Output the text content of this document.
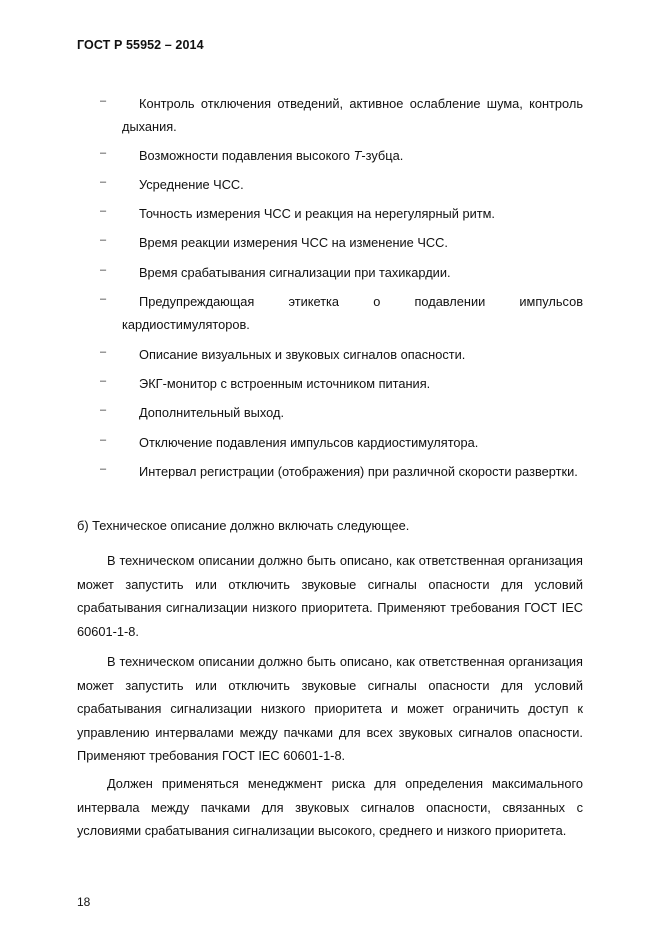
ГОСТ Р 55952 – 2014
–	Контроль отключения отведений, активное ослабление шума, контроль дыхания.
–	Возможности подавления высокого T-зубца.
–	Усреднение ЧСС.
–	Точность измерения ЧСС и реакция на нерегулярный ритм.
–	Время реакции измерения ЧСС на изменение ЧСС.
–	Время срабатывания сигнализации при тахикардии.
–	Предупреждающая этикетка о подавлении импульсов кардиостимуляторов.
–	Описание визуальных и звуковых сигналов опасности.
–	ЭКГ-монитор с встроенным источником питания.
–	Дополнительный выход.
–	Отключение подавления импульсов кардиостимулятора.
–	Интервал регистрации (отображения) при различной скорости развертки.
б) Техническое описание должно включать следующее.
В техническом описании должно быть описано, как ответственная организация может запустить или отключить звуковые сигналы опасности для условий срабатывания сигнализации низкого приоритета. Применяют требования ГОСТ IEC 60601-1-8.
В техническом описании должно быть описано, как ответственная организация может запустить или отключить звуковые сигналы опасности для условий срабатывания сигнализации низкого приоритета и может ограничить доступ к управлению интервалами между пачками для всех звуковых сигналов опасности. Применяют требования ГОСТ IEC 60601-1-8.
Должен применяться менеджмент риска для определения максимального интервала между пачками для звуковых сигналов опасности, связанных с условиями срабатывания сигнализации высокого, среднего и низкого приоритета.
18
